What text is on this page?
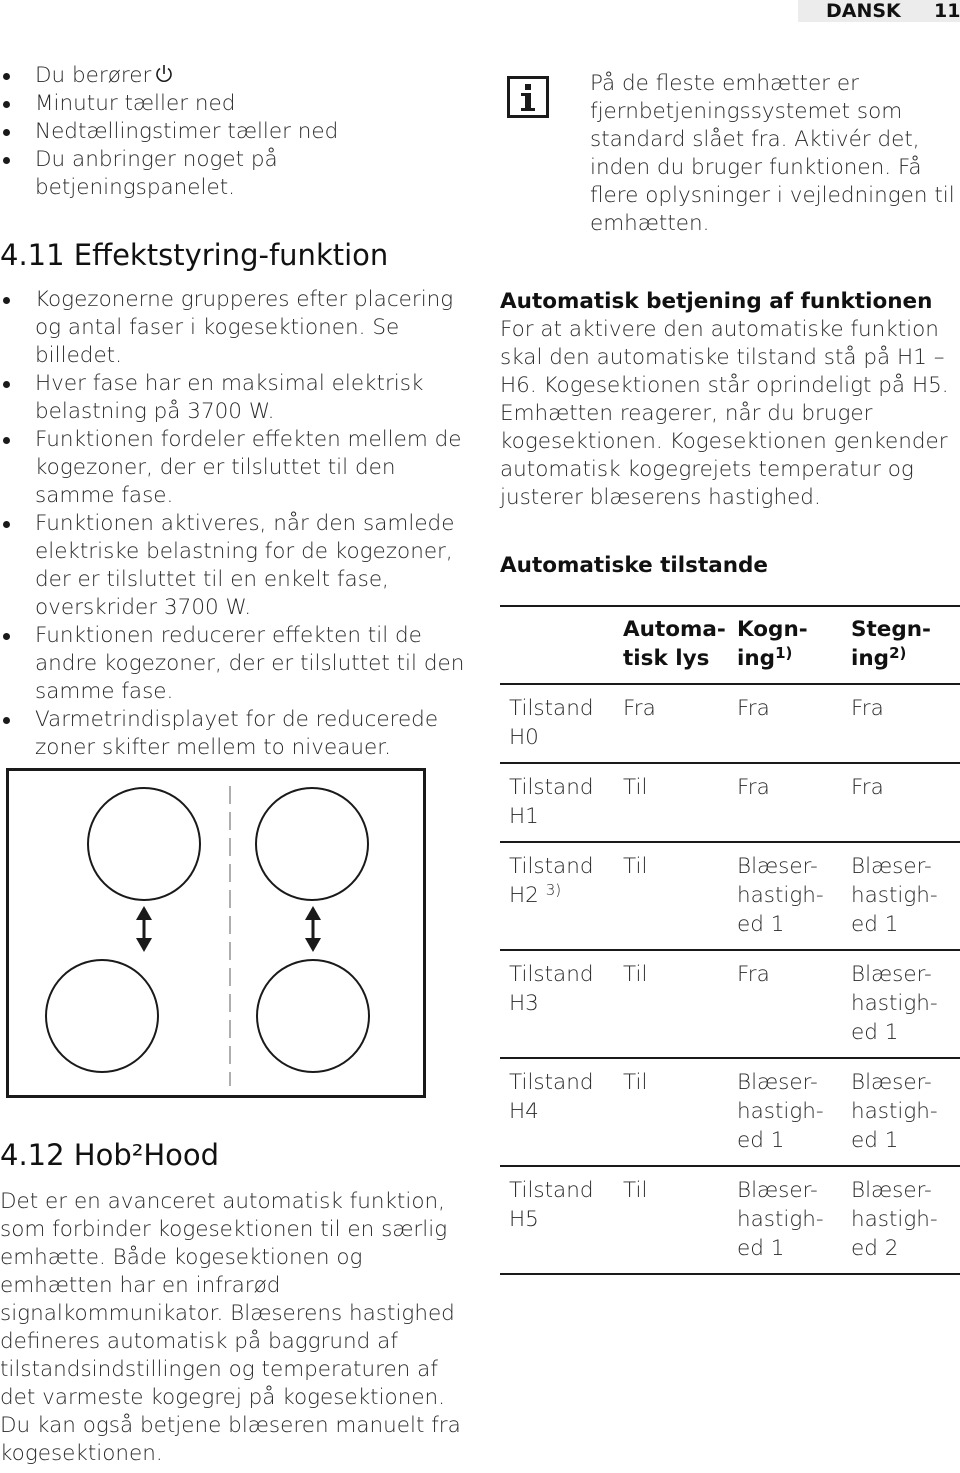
DANSK 11
Du berører
Minutur tæller ned
Nedtællingstimer tæller ned
Du anbringer noget på betjeningspanelet.
4.11 Effektstyring-funktion
Kogezonerne grupperes efter placering og antal faser i kogesektionen. Se billedet.
Hver fase har en maksimal elektrisk belastning på 3700 W.
Funktionen fordeler effekten mellem de kogezoner, der er tilsluttet til den samme fase.
Funktionen aktiveres, når den samlede elektriske belastning for de kogezoner, der er tilsluttet til en enkelt fase, overskrider 3700 W.
Funktionen reducerer effekten til de andre kogezoner, der er tilsluttet til den samme fase.
Varmetrindisplayet for de reducerede zoner skifter mellem to niveauer.
4.12 Hob²Hood

Det er en avanceret automatisk funktion, som forbinder kogesektionen til en særlig emhætte. Både kogesektionen og emhætten har en infrarød signalkommunikator. Blæserens hastighed defineres automatisk på baggrund af tilstandsindstillingen og temperaturen af det varmeste kogegrej på kogesektionen. Du kan også betjene blæseren manuelt fra kogesektionen.

På de fleste emhætter er fjernbetjeningssystemet som standard slået fra. Aktivér det, inden du bruger funktionen. Få flere oplysninger i vejledningen til emhætten.

Automatisk betjening af funktionen

For at aktivere den automatiske funktion skal den automatiske tilstand stå på H1 – H6. Kogesektionen står oprindeligt på H5. Emhætten reagerer, når du bruger kogesektionen. Kogesektionen genkender automatisk kogegrejets temperatur og justerer blæserens hastighed.

Automatiske tilstande
	Automa-tisk lys	Kogn-ing$^{1)}$	Stegn-ing$^{2)}$
Tilstand H0	Fra	Fra	Fra
Tilstand H1	Til	Fra	Fra
Tilstand H2 $^{3)}$	Til	Blæser-hastigh-ed 1	Blæser-hastigh-ed 1
Tilstand H3	Til	Fra	Blæser-hastigh-ed 1
Tilstand H4	Til	Blæser-hastigh-ed 1	Blæser-hastigh-ed 1
Tilstand H5	Til	Blæser-hastigh-ed 1	Blæser-hastigh-ed 2
